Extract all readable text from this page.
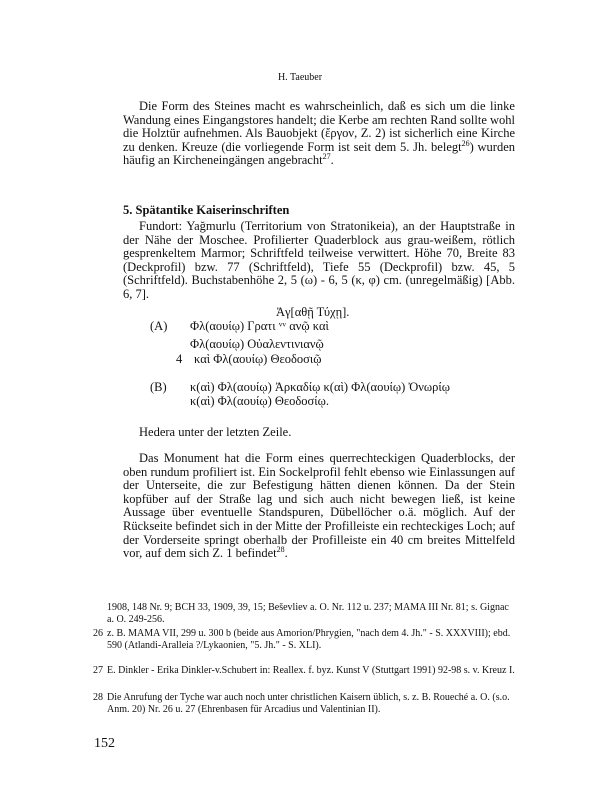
H. Taeuber
Die Form des Steines macht es wahrscheinlich, daß es sich um die linke Wandung eines Eingangstores handelt; die Kerbe am rechten Rand sollte wohl die Holztür aufnehmen. Als Bauobjekt (ἔργον, Z. 2) ist sicherlich eine Kirche zu denken. Kreuze (die vorliegende Form ist seit dem 5. Jh. belegt$^{26}$) wurden häufig an Kircheneingängen angebracht$^{27}$.
5. Spätantike Kaiserinschriften
Fundort: Yağmurlu (Territorium von Stratonikeia), an der Hauptstraße in der Nähe der Moschee. Profilierter Quaderblock aus grau-weißem, rötlich gesprenkeltem Marmor; Schriftfeld teilweise verwittert. Höhe 70, Breite 83 (Deckprofil) bzw. 77 (Schriftfeld), Tiefe 55 (Deckprofil) bzw. 45, 5 (Schriftfeld). Buchstabenhöhe 2, 5 (ω) - 6, 5 (κ, φ) cm. (unregelmäßig) [Abb. 6, 7].
Ἀγ[αθῇ Τύχῃ].
(A) Φλ(αουίῳ) Γρατι ᵛᵛ ανῷ καὶ
Φλ(αουίῳ) Οὐαλεντινιανῷ
4 καὶ Φλ(αουίῳ) Θεοδοσιῷ
(B) κ(αὶ) Φλ(αουίῳ) Ἀρκαδίῳ κ(αὶ) Φλ(αουίῳ) Ὀνωρίῳ
κ(αὶ) Φλ(αουίῳ) Θεοδοσίῳ.
Hedera unter der letzten Zeile.
Das Monument hat die Form eines querrechteckigen Quaderblocks, der oben rundum profiliert ist. Ein Sockelprofil fehlt ebenso wie Einlassungen auf der Unterseite, die zur Befestigung hätten dienen können. Da der Stein kopfüber auf der Straße lag und sich auch nicht bewegen ließ, ist keine Aussage über eventuelle Standspuren, Dübellöcher o.ä. möglich. Auf der Rückseite befindet sich in der Mitte der Profilleiste ein rechteckiges Loch; auf der Vorderseite springt oberhalb der Profilleiste ein 40 cm breites Mittelfeld vor, auf dem sich Z. 1 befindet$^{28}$.
1908, 148 Nr. 9; BCH 33, 1909, 39, 15; Beševliev a. O. Nr. 112 u. 237; MAMA III Nr. 81; s. Gignac a. O. 249-256.
26 z. B. MAMA VII, 299 u. 300 b (beide aus Amorion/Phrygien, "nach dem 4. Jh." - S. XXXVIII); ebd. 590 (Atlandi-Aralleia ?/Lykaonien, "5. Jh." - S. XLI).
27 E. Dinkler - Erika Dinkler-v.Schubert in: Reallex. f. byz. Kunst V (Stuttgart 1991) 92-98 s. v. Kreuz I.
28 Die Anrufung der Tyche war auch noch unter christlichen Kaisern üblich, s. z. B. Roueché a. O. (s.o. Anm. 20) Nr. 26 u. 27 (Ehrenbasen für Arcadius und Valentinian II).
152
